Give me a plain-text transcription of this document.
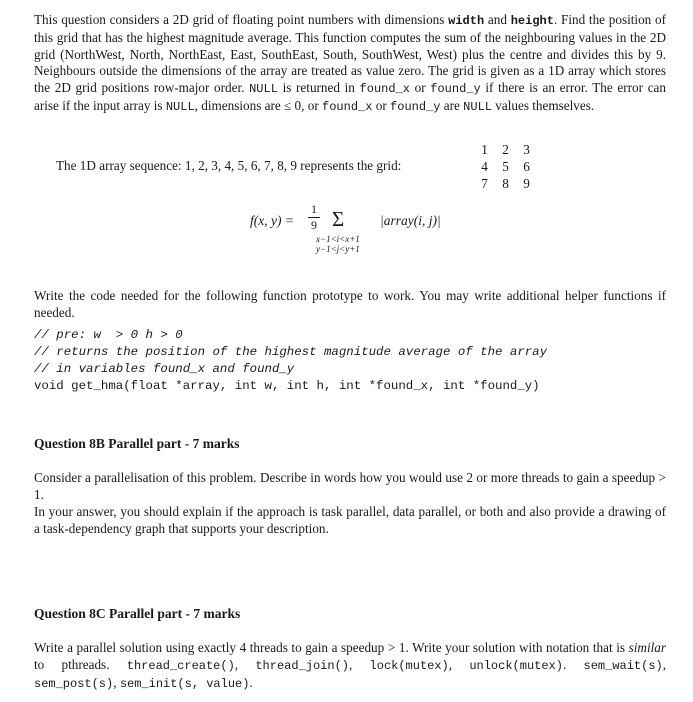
This question considers a 2D grid of floating point numbers with dimensions width and height. Find the position of this grid that has the highest magnitude average. This function computes the sum of the neighbouring values in the 2D grid (NorthWest, North, NorthEast, East, SouthEast, South, SouthWest, West) plus the centre and divides this by 9. Neighbours outside the dimensions of the array are treated as value zero. The grid is given as a 1D array which stores the 2D grid positions row-major order. NULL is returned in found_x or found_y if there is an error. The error can arise if the input array is NULL, dimensions are ≤ 0, or found_x or found_y are NULL values themselves.

The 1D array sequence: 1, 2, 3, 4, 5, 6, 7, 8, 9 represents the grid:
1	2	3
4	5	6
7	8	9
f(x, y) =
1
9 Σ
x−1<i<x+1
y−1<j<y+1
|array(i, j)|

Write the code needed for the following function prototype to work. You may write additional helper functions if needed.

// pre: w  > 0 h > 0
// returns the position of the highest magnitude average of the array
// in variables found_x and found_y
void get_hma(float *array, int w, int h, int *found_x, int *found_y)
Question 8B Parallel part - 7 marks

Consider a parallelisation of this problem. Describe in words how you would use 2 or more threads to gain a speedup > 1.

In your answer, you should explain if the approach is task parallel, data parallel, or both and also provide a drawing of a task-dependency graph that supports your description.

Question 8C Parallel part - 7 marks

Write a parallel solution using exactly 4 threads to gain a speedup > 1. Write your solution with notation that is similar to pthreads. thread_create(), thread_join(), lock(mutex), unlock(mutex). sem_wait(s), sem_post(s), sem_init(s, value).
